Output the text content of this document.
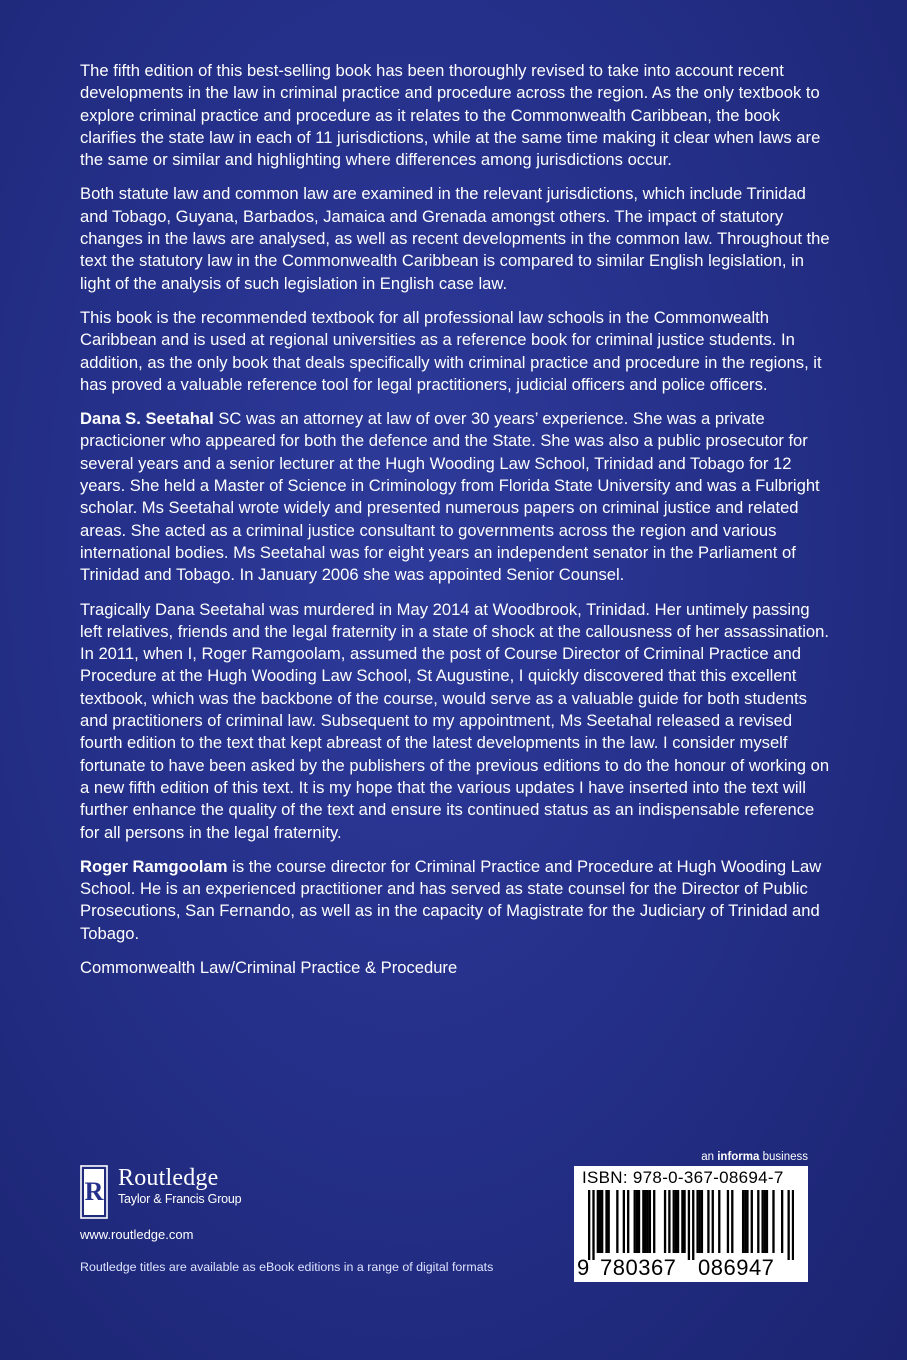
The fifth edition of this best-selling book has been thoroughly revised to take into account recent developments in the law in criminal practice and procedure across the region. As the only textbook to explore criminal practice and procedure as it relates to the Commonwealth Caribbean, the book clarifies the state law in each of 11 jurisdictions, while at the same time making it clear when laws are the same or similar and highlighting where differences among jurisdictions occur.

Both statute law and common law are examined in the relevant jurisdictions, which include Trinidad and Tobago, Guyana, Barbados, Jamaica and Grenada amongst others. The impact of statutory changes in the laws are analysed, as well as recent developments in the common law. Throughout the text the statutory law in the Commonwealth Caribbean is compared to similar English legislation, in light of the analysis of such legislation in English case law.

This book is the recommended textbook for all professional law schools in the Commonwealth Caribbean and is used at regional universities as a reference book for criminal justice students. In addition, as the only book that deals specifically with criminal practice and procedure in the regions, it has proved a valuable reference tool for legal practitioners, judicial officers and police officers.

Dana S. Seetahal SC was an attorney at law of over 30 years’ experience. She was a private practicioner who appeared for both the defence and the State. She was also a public prosecutor for several years and a senior lecturer at the Hugh Wooding Law School, Trinidad and Tobago for 12 years. She held a Master of Science in Criminology from Florida State University and was a Fulbright scholar. Ms Seetahal wrote widely and presented numerous papers on criminal justice and related areas. She acted as a criminal justice consultant to governments across the region and various international bodies. Ms Seetahal was for eight years an independent senator in the Parliament of Trinidad and Tobago. In January 2006 she was appointed Senior Counsel.

Tragically Dana Seetahal was murdered in May 2014 at Woodbrook, Trinidad. Her untimely passing left relatives, friends and the legal fraternity in a state of shock at the callousness of her assassination. In 2011, when I, Roger Ramgoolam, assumed the post of Course Director of Criminal Practice and Procedure at the Hugh Wooding Law School, St Augustine, I quickly discovered that this excellent textbook, which was the backbone of the course, would serve as a valuable guide for both students and practitioners of criminal law. Subsequent to my appointment, Ms Seetahal released a revised fourth edition to the text that kept abreast of the latest developments in the law. I consider myself fortunate to have been asked by the publishers of the previous editions to do the honour of working on a new fifth edition of this text. It is my hope that the various updates I have inserted into the text will further enhance the quality of the text and ensure its continued status as an indispensable reference for all persons in the legal fraternity.

Roger Ramgoolam is the course director for Criminal Practice and Procedure at Hugh Wooding Law School. He is an experienced practitioner and has served as state counsel for the Director of Public Prosecutions, San Fernando, as well as in the capacity of Magistrate for the Judiciary of Trinidad and Tobago.

Commonwealth Law/Criminal Practice & Procedure
R Routledge
Taylor & Francis Group
www.routledge.com
Routledge titles are available as eBook editions in a range of digital formats
an informa business
ISBN: 978-0-367-08694-7
9 780367 086947
